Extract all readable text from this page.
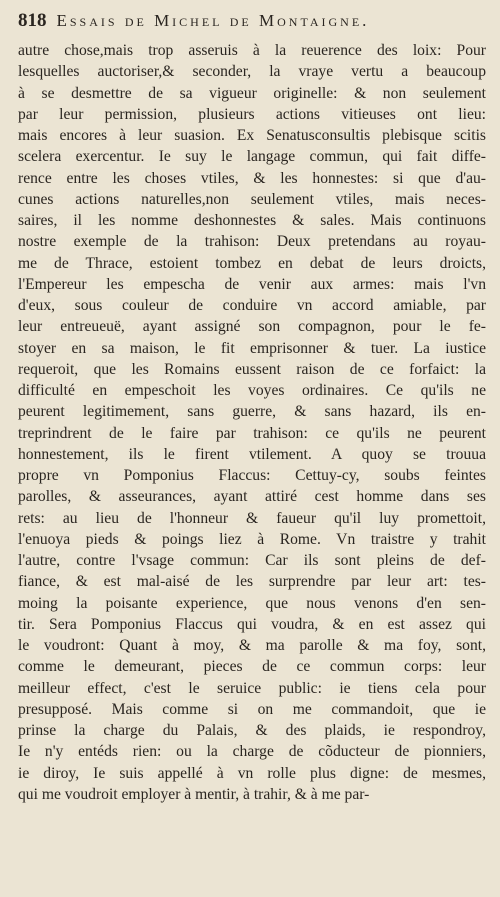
818 Essais de Michel de Montaigne.
autre chose,mais trop asseruis à la reuerence des loix: Pour
lesquelles auctoriser,& seconder, la vraye vertu a beaucoup
à se desmettre de sa vigueur originelle: & non seulement
par leur permission, plusieurs actions vitieuses ont lieu:
mais encores à leur suasion. Ex Senatusconsultis plebisque scitis
scelera exercentur. Ie suy le langage commun, qui fait diffe-
rence entre les choses vtiles, & les honnestes: si que d'au-
cunes actions naturelles,non seulement vtiles, mais neces-
saires, il les nomme deshonnestes & sales. Mais continuons
nostre exemple de la trahison: Deux pretendans au royau-
me de Thrace, estoient tombez en debat de leurs droicts,
l'Empereur les empescha de venir aux armes: mais l'vn
d'eux, sous couleur de conduire vn accord amiable, par
leur entreueuë, ayant assigné son compagnon, pour le fe-
stoyer en sa maison, le fit emprisonner & tuer. La iustice
requeroit, que les Romains eussent raison de ce forfaict: la
difficulté en empeschoit les voyes ordinaires. Ce qu'ils ne
peurent legitimement, sans guerre, & sans hazard, ils en-
treprindrent de le faire par trahison: ce qu'ils ne peurent
honnestement, ils le firent vtilement. A quoy se trouua
propre vn Pomponius Flaccus: Cettuy-cy, soubs feintes
parolles, & asseurances, ayant attiré cest homme dans ses
rets: au lieu de l'honneur & faueur qu'il luy promettoit,
l'enuoya pieds & poings liez à Rome. Vn traistre y trahit
l'autre, contre l'vsage commun: Car ils sont pleins de def-
fiance, & est mal-aisé de les surprendre par leur art: tes-
moing la poisante experience, que nous venons d'en sen-
tir. Sera Pomponius Flaccus qui voudra, & en est assez qui
le voudront: Quant à moy, & ma parolle & ma foy, sont,
comme le demeurant, pieces de ce commun corps: leur
meilleur effect, c'est le seruice public: ie tiens cela pour
presupposé. Mais comme si on me commandoit, que ie
prinse la charge du Palais, & des plaids, ie respondroy,
Ie n'y entéds rien: ou la charge de cõducteur de pionniers,
ie diroy, Ie suis appellé à vn rolle plus digne: de mesmes,
qui me voudroit employer à mentir, à trahir, & à me par-
